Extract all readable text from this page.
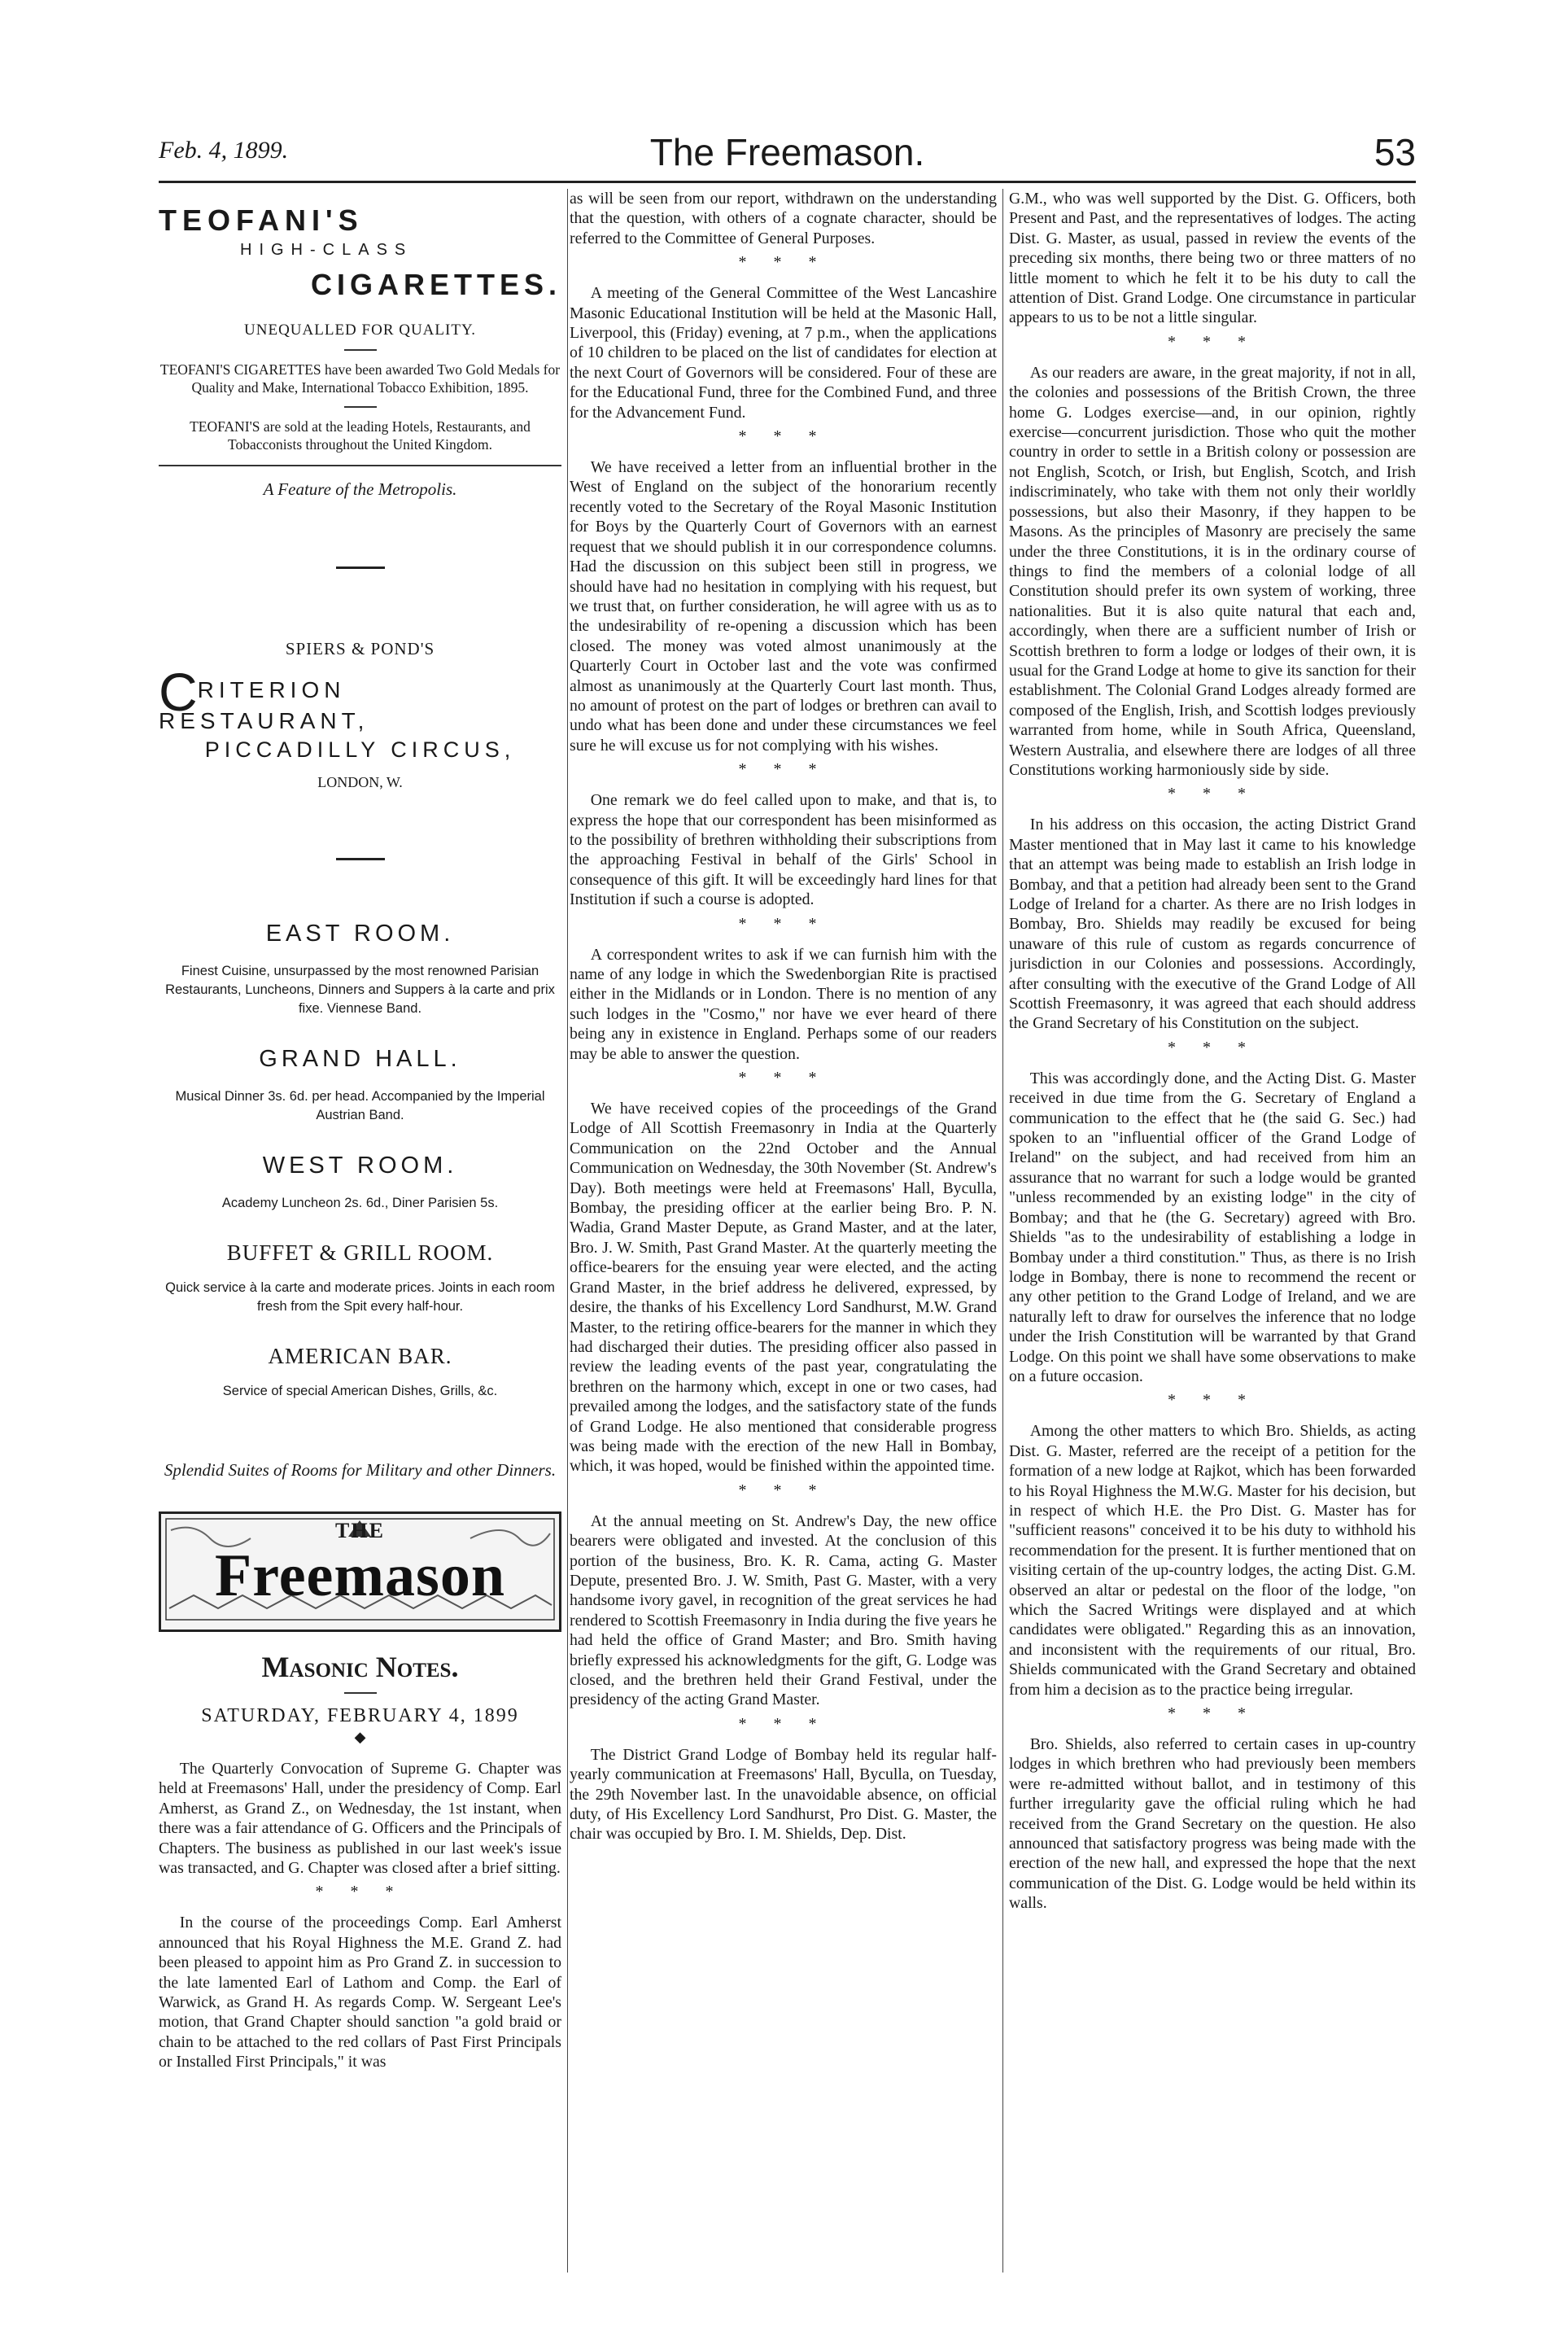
Feb. 4, 1899.	The Freemason.	53
TEOFANI'S
HIGH-CLASS
CIGARETTES.
UNEQUALLED FOR QUALITY.

TEOFANI'S CIGARETTES have been awarded Two Gold Medals for Quality and Make, International Tobacco Exhibition, 1895.

TEOFANI'S are sold at the leading Hotels, Restaurants, and Tobacconists throughout the United Kingdom.

A Feature of the Metropolis.
SPIERS & POND'S
CRITERION RESTAURANT,
PICCADILLY CIRCUS,
LONDON, W.
EAST ROOM.
Finest Cuisine, unsurpassed by the most renowned Parisian Restaurants, Luncheons, Dinners and Suppers à la carte and prix fixe. Viennese Band.
GRAND HALL.
Musical Dinner 3s. 6d. per head. Accompanied by the Imperial Austrian Band.
WEST ROOM.
Academy Luncheon 2s. 6d., Diner Parisien 5s.
BUFFET & GRILL ROOM.
Quick service à la carte and moderate prices. Joints in each room fresh from the Spit every half-hour.
AMERICAN BAR.
Service of special American Dishes, Grills, &c.
Splendid Suites of Rooms for Military and other Dinners.
THE
Freemason
Masonic Notes.
SATURDAY, FEBRUARY 4, 1899
◆

The Quarterly Convocation of Supreme G. Chapter was held at Freemasons' Hall, under the presidency of Comp. Earl Amherst, as Grand Z., on Wednesday, the 1st instant, when there was a fair attendance of G. Officers and the Principals of Chapters. The business as published in our last week's issue was transacted, and G. Chapter was closed after a brief sitting.

* * *

In the course of the proceedings Comp. Earl Amherst announced that his Royal Highness the M.E. Grand Z. had been pleased to appoint him as Pro Grand Z. in succession to the late lamented Earl of Lathom and Comp. the Earl of Warwick, as Grand H. As regards Comp. W. Sergeant Lee's motion, that Grand Chapter should sanction "a gold braid or chain to be attached to the red collars of Past First Principals or Installed First Principals," it was

as will be seen from our report, withdrawn on the understanding that the question, with others of a cognate character, should be referred to the Committee of General Purposes.

* * *

A meeting of the General Committee of the West Lancashire Masonic Educational Institution will be held at the Masonic Hall, Liverpool, this (Friday) evening, at 7 p.m., when the applications of 10 children to be placed on the list of candidates for election at the next Court of Governors will be considered. Four of these are for the Educational Fund, three for the Combined Fund, and three for the Advancement Fund.

* * *

We have received a letter from an influential brother in the West of England on the subject of the honorarium recently recently voted to the Secretary of the Royal Masonic Institution for Boys by the Quarterly Court of Governors with an earnest request that we should publish it in our correspondence columns. Had the discussion on this subject been still in progress, we should have had no hesitation in complying with his request, but we trust that, on further consideration, he will agree with us as to the undesirability of re-opening a discussion which has been closed. The money was voted almost unanimously at the Quarterly Court in October last and the vote was confirmed almost as unanimously at the Quarterly Court last month. Thus, no amount of protest on the part of lodges or brethren can avail to undo what has been done and under these circumstances we feel sure he will excuse us for not complying with his wishes.

* * *

One remark we do feel called upon to make, and that is, to express the hope that our correspondent has been misinformed as to the possibility of brethren withholding their subscriptions from the approaching Festival in behalf of the Girls' School in consequence of this gift. It will be exceedingly hard lines for that Institution if such a course is adopted.

* * *

A correspondent writes to ask if we can furnish him with the name of any lodge in which the Swedenborgian Rite is practised either in the Midlands or in London. There is no mention of any such lodges in the "Cosmo," nor have we ever heard of there being any in existence in England. Perhaps some of our readers may be able to answer the question.

* * *

We have received copies of the proceedings of the Grand Lodge of All Scottish Freemasonry in India at the Quarterly Communication on the 22nd October and the Annual Communication on Wednesday, the 30th November (St. Andrew's Day). Both meetings were held at Freemasons' Hall, Byculla, Bombay, the presiding officer at the earlier being Bro. P. N. Wadia, Grand Master Depute, as Grand Master, and at the later, Bro. J. W. Smith, Past Grand Master. At the quarterly meeting the office-bearers for the ensuing year were elected, and the acting Grand Master, in the brief address he delivered, expressed, by desire, the thanks of his Excellency Lord Sandhurst, M.W. Grand Master, to the retiring office-bearers for the manner in which they had discharged their duties. The presiding officer also passed in review the leading events of the past year, congratulating the brethren on the harmony which, except in one or two cases, had prevailed among the lodges, and the satisfactory state of the funds of Grand Lodge. He also mentioned that considerable progress was being made with the erection of the new Hall in Bombay, which, it was hoped, would be finished within the appointed time.

* * *

At the annual meeting on St. Andrew's Day, the new office bearers were obligated and invested. At the conclusion of this portion of the business, Bro. K. R. Cama, acting G. Master Depute, presented Bro. J. W. Smith, Past G. Master, with a very handsome ivory gavel, in recognition of the great services he had rendered to Scottish Freemasonry in India during the five years he had held the office of Grand Master; and Bro. Smith having briefly expressed his acknowledgments for the gift, G. Lodge was closed, and the brethren held their Grand Festival, under the presidency of the acting Grand Master.

* * *

The District Grand Lodge of Bombay held its regular half-yearly communication at Freemasons' Hall, Byculla, on Tuesday, the 29th November last. In the unavoidable absence, on official duty, of His Excellency Lord Sandhurst, Pro Dist. G. Master, the chair was occupied by Bro. I. M. Shields, Dep. Dist.

G.M., who was well supported by the Dist. G. Officers, both Present and Past, and the representatives of lodges. The acting Dist. G. Master, as usual, passed in review the events of the preceding six months, there being two or three matters of no little moment to which he felt it to be his duty to call the attention of Dist. Grand Lodge. One circumstance in particular appears to us to be not a little singular.

* * *

As our readers are aware, in the great majority, if not in all, the colonies and possessions of the British Crown, the three home G. Lodges exercise—and, in our opinion, rightly exercise—concurrent jurisdiction. Those who quit the mother country in order to settle in a British colony or possession are not English, Scotch, or Irish, but English, Scotch, and Irish indiscriminately, who take with them not only their worldly possessions, but also their Masonry, if they happen to be Masons. As the principles of Masonry are precisely the same under the three Constitutions, it is in the ordinary course of things to find the members of a colonial lodge of all Constitution should prefer its own system of working, three nationalities. But it is also quite natural that each and, accordingly, when there are a sufficient number of Irish or Scottish brethren to form a lodge or lodges of their own, it is usual for the Grand Lodge at home to give its sanction for their establishment. The Colonial Grand Lodges already formed are composed of the English, Irish, and Scottish lodges previously warranted from home, while in South Africa, Queensland, Western Australia, and elsewhere there are lodges of all three Constitutions working harmoniously side by side.

* * *

In his address on this occasion, the acting District Grand Master mentioned that in May last it came to his knowledge that an attempt was being made to establish an Irish lodge in Bombay, and that a petition had already been sent to the Grand Lodge of Ireland for a charter. As there are no Irish lodges in Bombay, Bro. Shields may readily be excused for being unaware of this rule of custom as regards concurrence of jurisdiction in our Colonies and possessions. Accordingly, after consulting with the executive of the Grand Lodge of All Scottish Freemasonry, it was agreed that each should address the Grand Secretary of his Constitution on the subject.

* * *

This was accordingly done, and the Acting Dist. G. Master received in due time from the G. Secretary of England a communication to the effect that he (the said G. Sec.) had spoken to an "influential officer of the Grand Lodge of Ireland" on the subject, and had received from him an assurance that no warrant for such a lodge would be granted "unless recommended by an existing lodge" in the city of Bombay; and that he (the G. Secretary) agreed with Bro. Shields "as to the undesirability of establishing a lodge in Bombay under a third constitution." Thus, as there is no Irish lodge in Bombay, there is none to recommend the recent or any other petition to the Grand Lodge of Ireland, and we are naturally left to draw for ourselves the inference that no lodge under the Irish Constitution will be warranted by that Grand Lodge. On this point we shall have some observations to make on a future occasion.

* * *

Among the other matters to which Bro. Shields, as acting Dist. G. Master, referred are the receipt of a petition for the formation of a new lodge at Rajkot, which has been forwarded to his Royal Highness the M.W.G. Master for his decision, but in respect of which H.E. the Pro Dist. G. Master has for "sufficient reasons" conceived it to be his duty to withhold his recommendation for the present. It is further mentioned that on visiting certain of the up-country lodges, the acting Dist. G.M. observed an altar or pedestal on the floor of the lodge, "on which the Sacred Writings were displayed and at which candidates were obligated." Regarding this as an innovation, and inconsistent with the requirements of our ritual, Bro. Shields communicated with the Grand Secretary and obtained from him a decision as to the practice being irregular.

* * *

Bro. Shields, also referred to certain cases in up-country lodges in which brethren who had previously been members were re-admitted without ballot, and in testimony of this further irregularity gave the official ruling which he had received from the Grand Secretary on the question. He also announced that satisfactory progress was being made with the erection of the new hall, and expressed the hope that the next communication of the Dist. G. Lodge would be held within its walls.
